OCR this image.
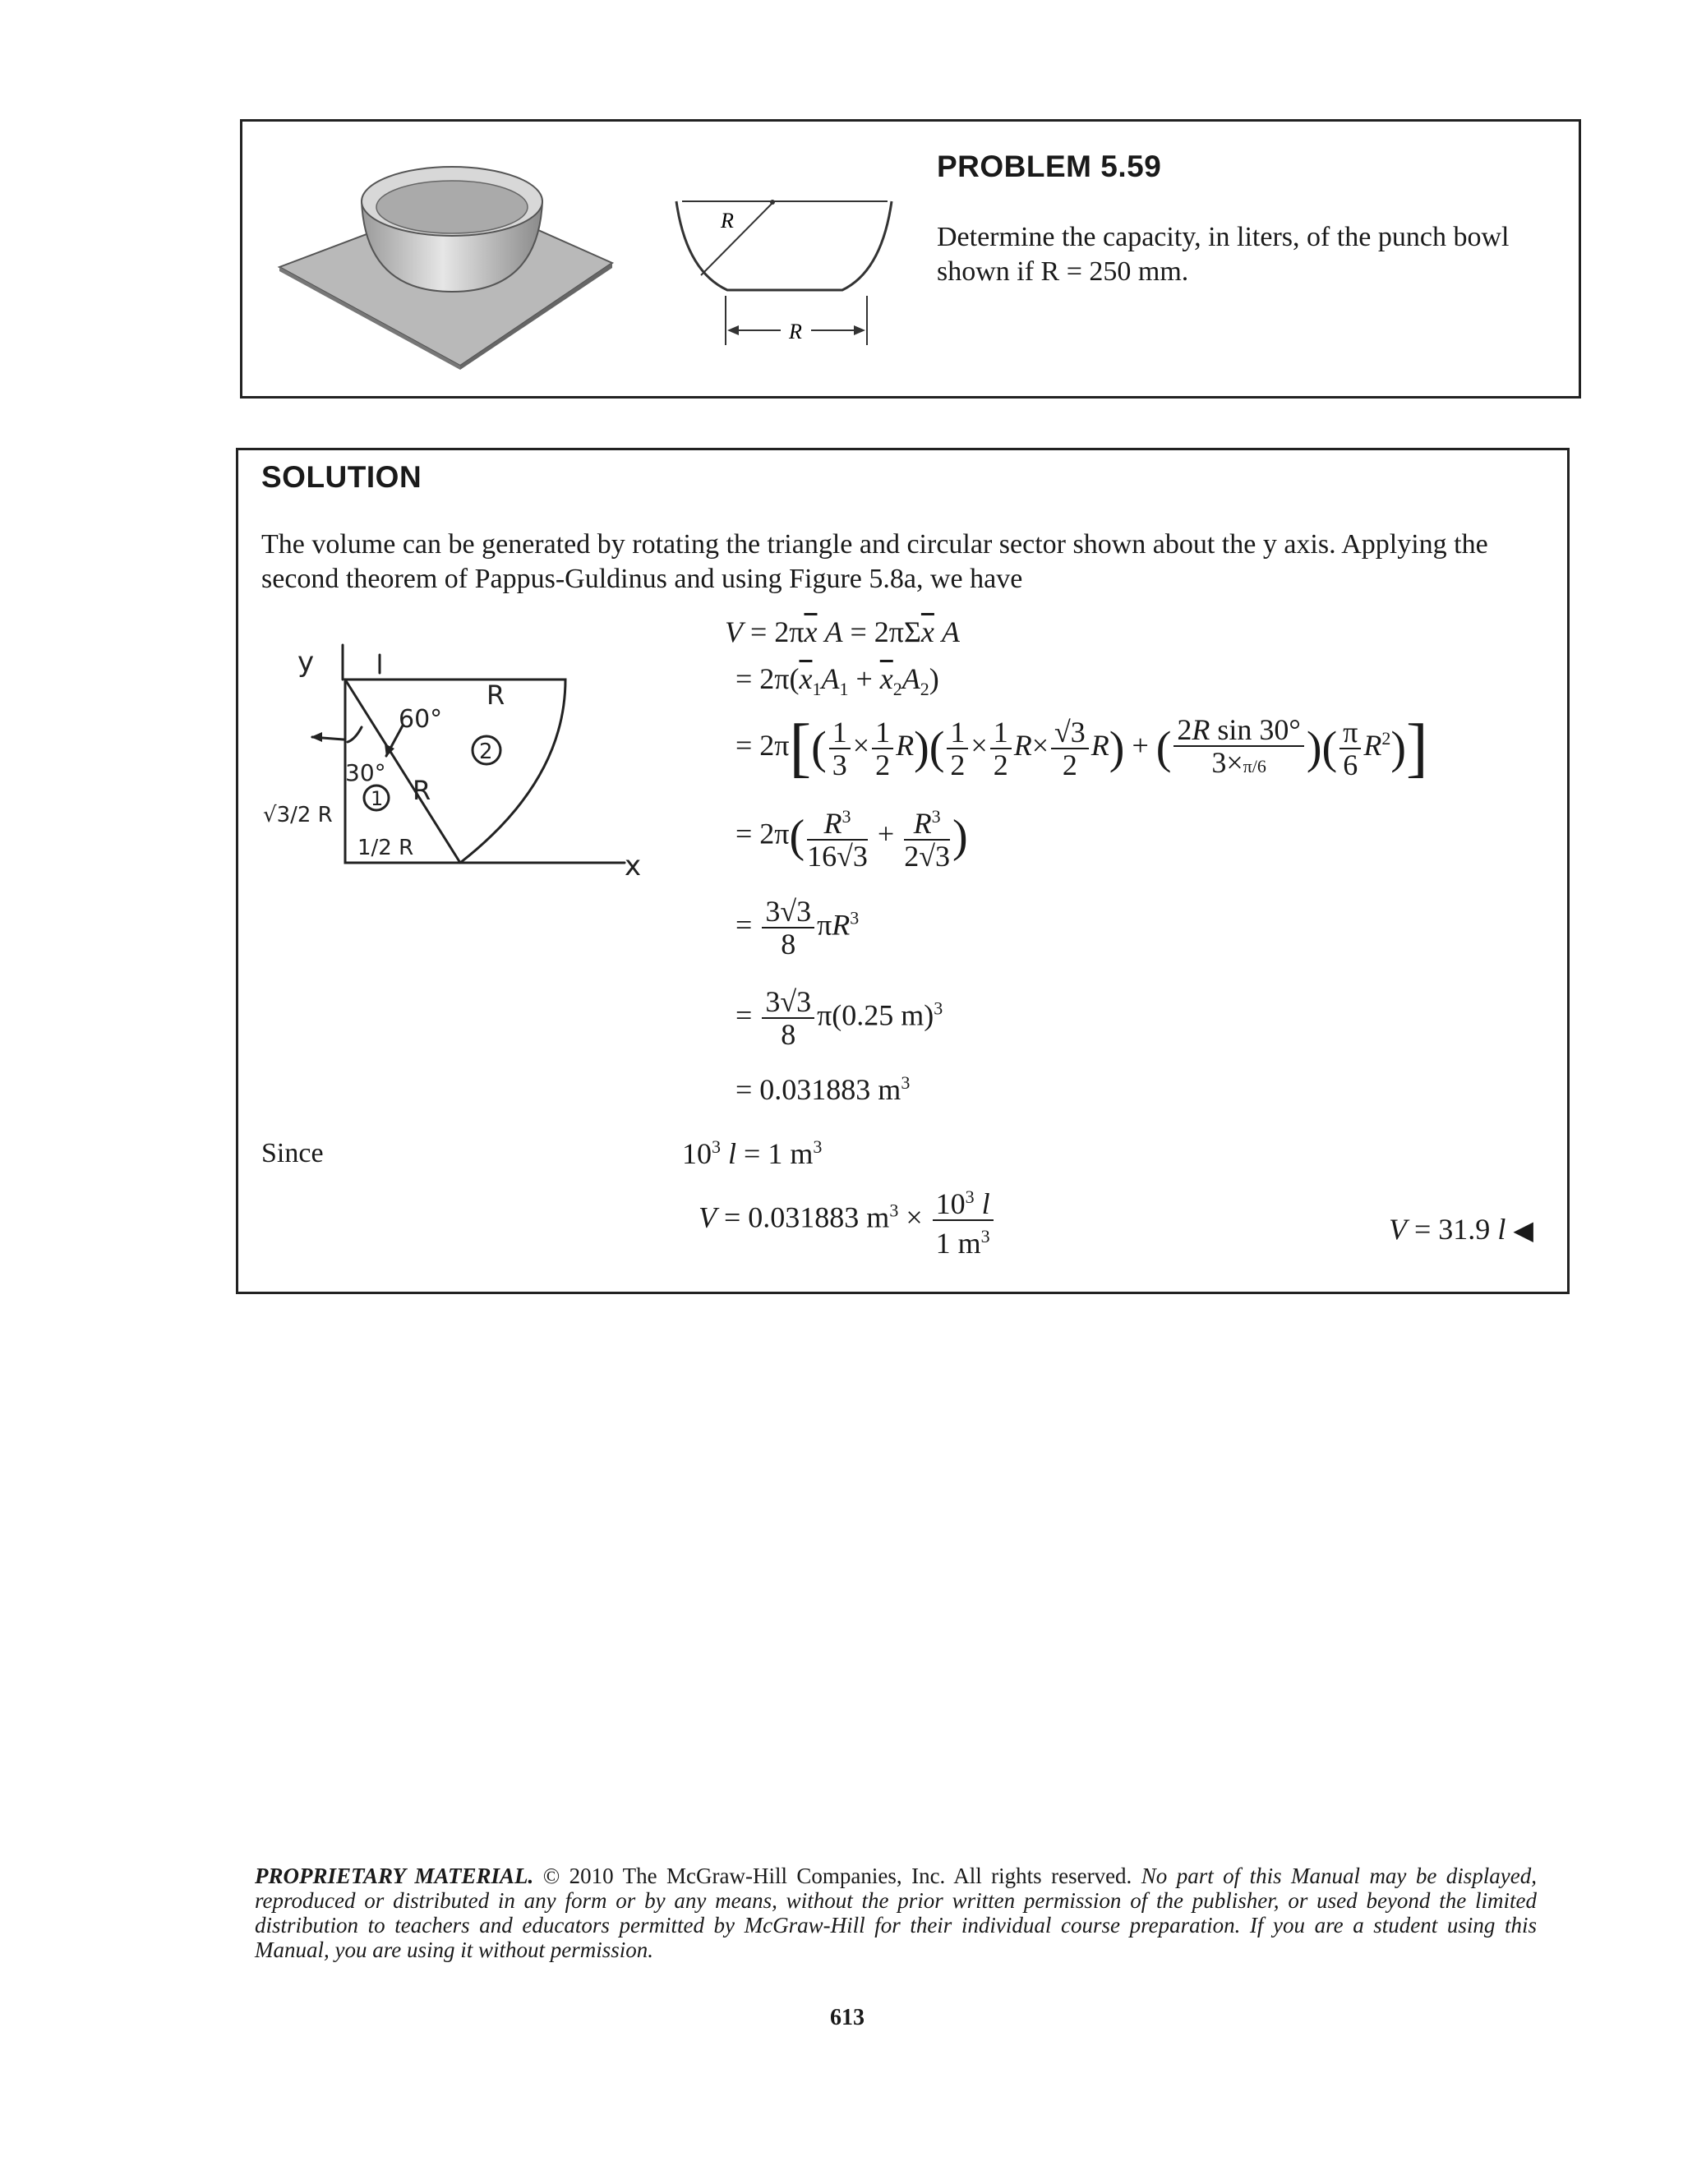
R
R
PROBLEM 5.59
Determine the capacity, in liters, of the punch bowl shown if R = 250 mm.
SOLUTION
The volume can be generated by rotating the triangle and circular sector shown about the y axis. Applying the second theorem of Pappus-Guldinus and using Figure 5.8a, we have
y
x
60°
30°
R
R
2
1
√3/2 R
1/2 R
$V = 2\pi\overline{x}$ $A = 2\pi\Sigma\overline{x}$ A
= $2\pi(\overline{x}_1A_1 + \overline{x}_2A_2)$
= $2\pi[( \frac{1}{3} \times \frac{1}{2} R)( \frac{1}{2} \times \frac{1}{2} R\times \frac{√3}{2} R)$ + ( $\frac{\text{2R sin 30°}}{3\times\pi/6}$ )( $\frac{\pi}{6} R^2$)]
= $2\pi( \frac{R^3}{16√3} + \frac{R^3}{2√3}$ )
= $\frac{3√3}{8} \pi R^3$
= $\frac{3√3}{8} \pi(0.25$ m)$^3$
= 0.031883 $m^3$
Since	$10^3$ l = 1 $m^3$
V = 0.031883 $m^3 \times \frac{10^3 l}{1 m^3}$	V = 31.9 l ◀
PROPRIETARY MATERIAL. © 2010 The McGraw-Hill Companies, Inc. All rights reserved. No part of this Manual may be displayed, reproduced or distributed in any form or by any means, without the prior written permission of the publisher, or used beyond the limited distribution to teachers and educators permitted by McGraw-Hill for their individual course preparation. If you are a student using this Manual, you are using it without permission.
613
